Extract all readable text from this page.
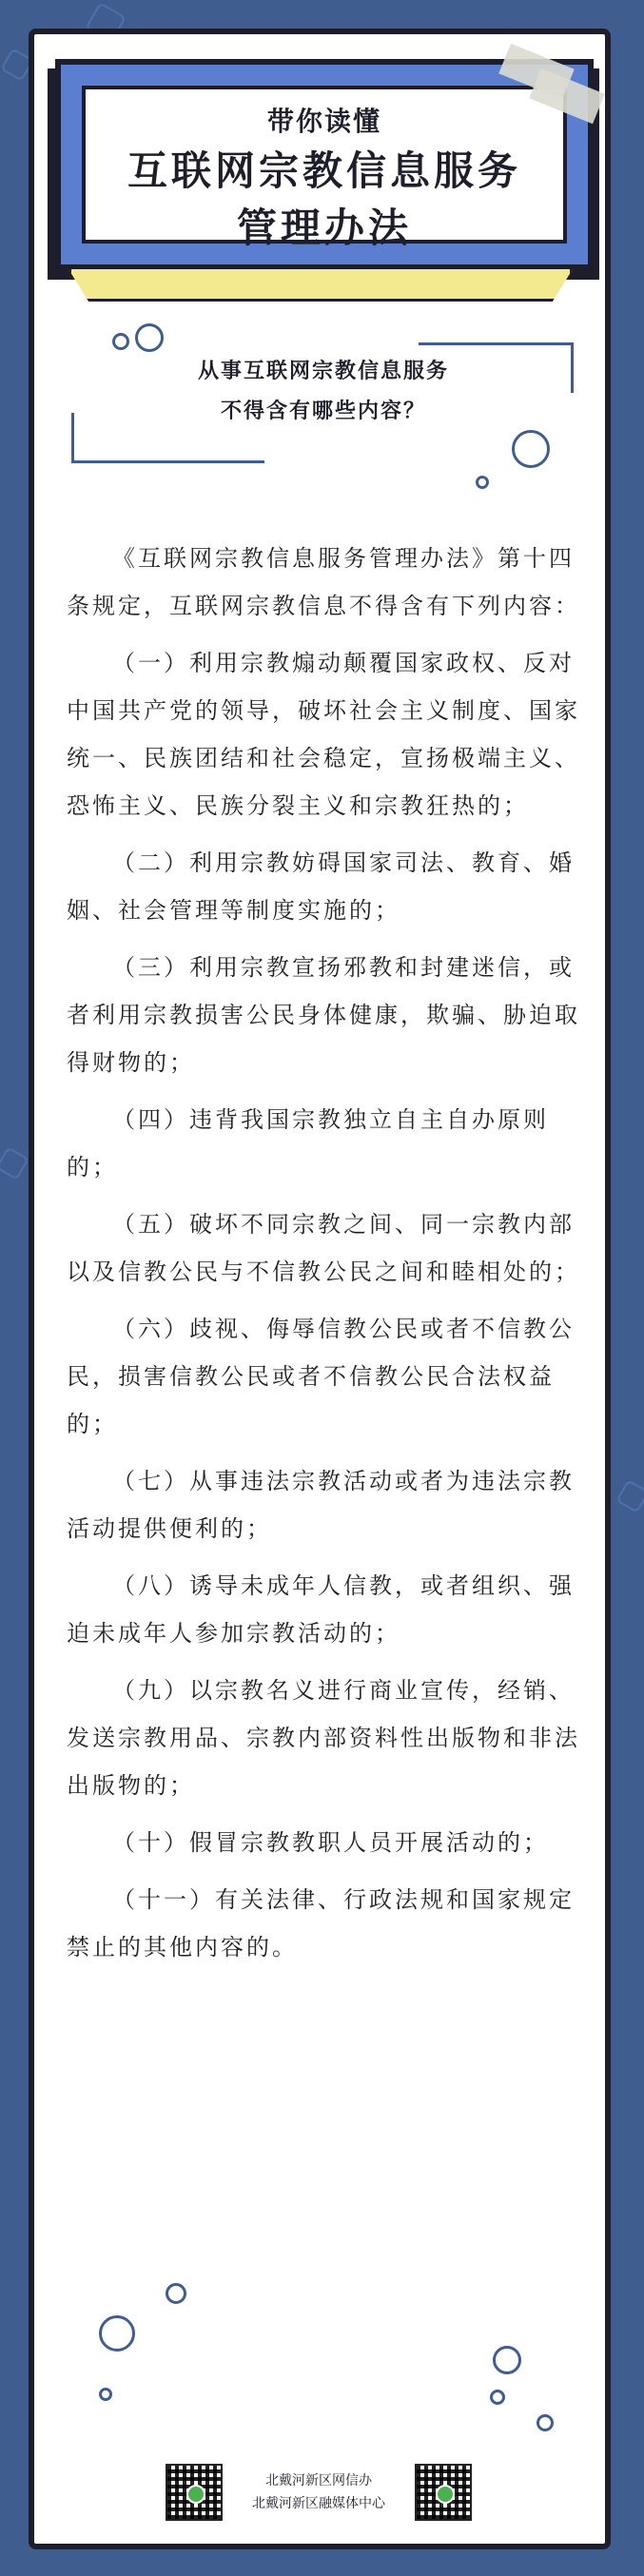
带你读懂
互联网宗教信息服务
管理办法
从事互联网宗教信息服务
不得含有哪些内容？

《互联网宗教信息服务管理办法》第十四条规定，互联网宗教信息不得含有下列内容：

（一）利用宗教煽动颠覆国家政权、反对中国共产党的领导，破坏社会主义制度、国家统一、民族团结和社会稳定，宣扬极端主义、恐怖主义、民族分裂主义和宗教狂热的；

（二）利用宗教妨碍国家司法、教育、婚姻、社会管理等制度实施的；

（三）利用宗教宣扬邪教和封建迷信，或者利用宗教损害公民身体健康，欺骗、胁迫取得财物的；

（四）违背我国宗教独立自主自办原则的；

（五）破坏不同宗教之间、同一宗教内部以及信教公民与不信教公民之间和睦相处的；

（六）歧视、侮辱信教公民或者不信教公民，损害信教公民或者不信教公民合法权益的；

（七）从事违法宗教活动或者为违法宗教活动提供便利的；

（八）诱导未成年人信教，或者组织、强迫未成年人参加宗教活动的；

（九）以宗教名义进行商业宣传，经销、发送宗教用品、宗教内部资料性出版物和非法出版物的；

（十）假冒宗教教职人员开展活动的；

（十一）有关法律、行政法规和国家规定禁止的其他内容的。

北戴河新区网信办
北戴河新区融媒体中心
